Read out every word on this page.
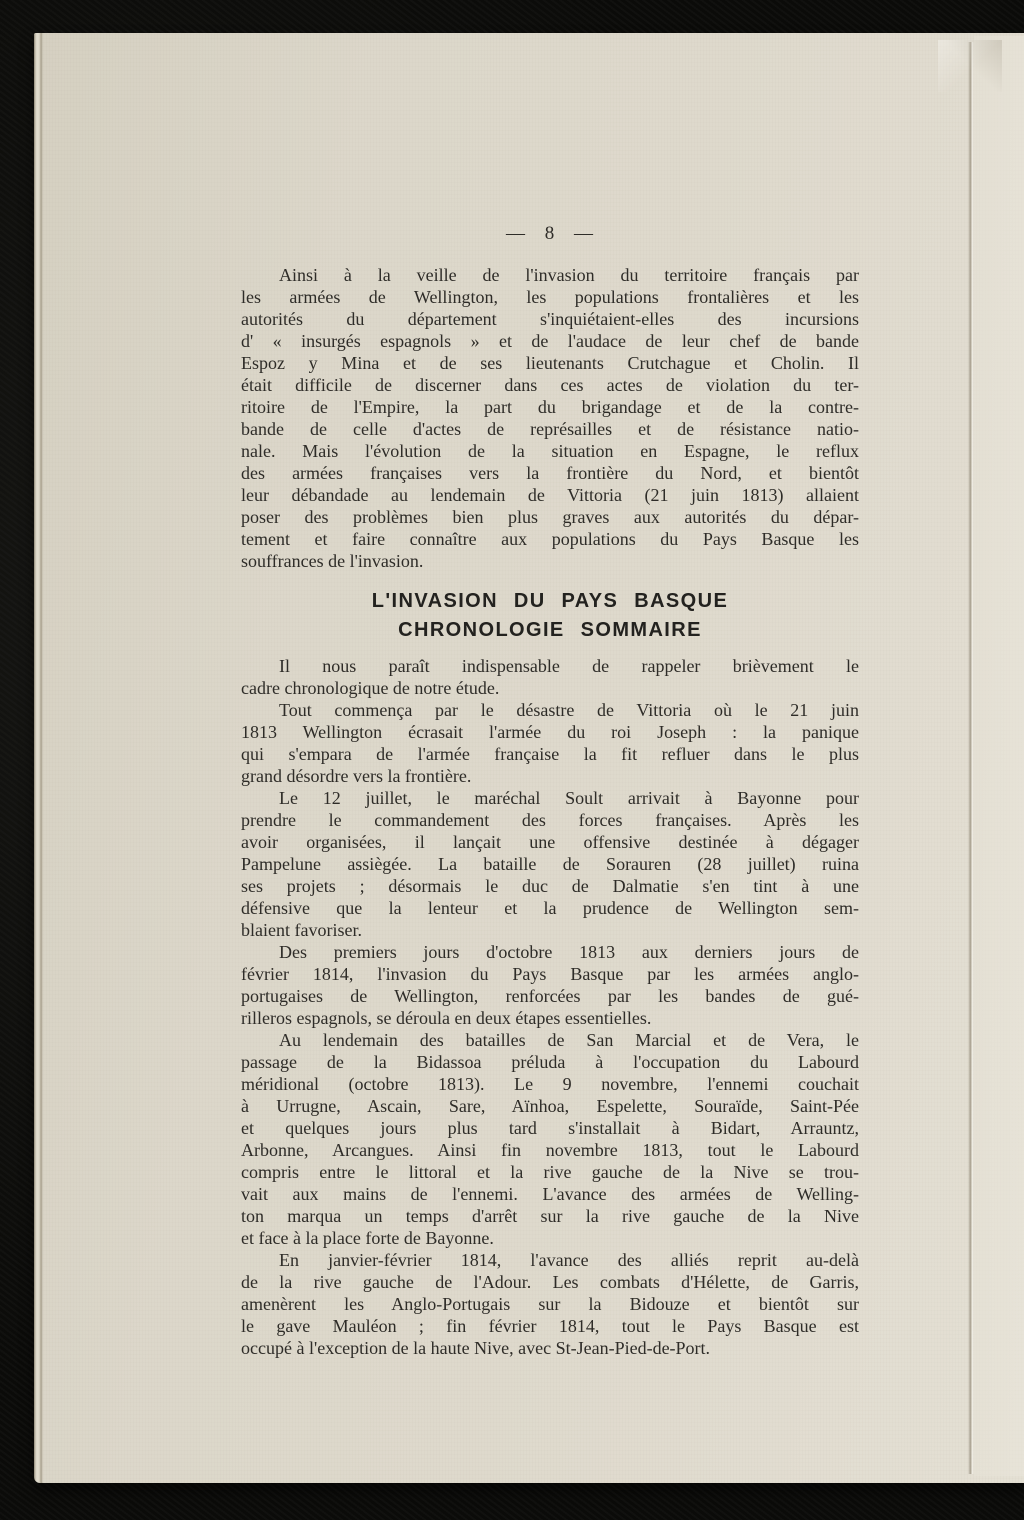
— 8 —
Ainsi à la veille de l'invasion du territoire français par
les armées de Wellington, les populations frontalières et les
autorités du département s'inquiétaient-elles des incursions
d' « insurgés espagnols » et de l'audace de leur chef de bande
Espoz y Mina et de ses lieutenants Crutchague et Cholin. Il
était difficile de discerner dans ces actes de violation du ter-
ritoire de l'Empire, la part du brigandage et de la contre-
bande de celle d'actes de représailles et de résistance natio-
nale. Mais l'évolution de la situation en Espagne, le reflux
des armées françaises vers la frontière du Nord, et bientôt
leur débandade au lendemain de Vittoria (21 juin 1813) allaient
poser des problèmes bien plus graves aux autorités du dépar-
tement et faire connaître aux populations du Pays Basque les
souffrances de l'invasion.
L'INVASION DU PAYS BASQUE
CHRONOLOGIE SOMMAIRE
Il nous paraît indispensable de rappeler brièvement le
cadre chronologique de notre étude.
Tout commença par le désastre de Vittoria où le 21 juin
1813 Wellington écrasait l'armée du roi Joseph : la panique
qui s'empara de l'armée française la fit refluer dans le plus
grand désordre vers la frontière.
Le 12 juillet, le maréchal Soult arrivait à Bayonne pour
prendre le commandement des forces françaises. Après les
avoir organisées, il lançait une offensive destinée à dégager
Pampelune assiègée. La bataille de Sorauren (28 juillet) ruina
ses projets ; désormais le duc de Dalmatie s'en tint à une
défensive que la lenteur et la prudence de Wellington sem-
blaient favoriser.
Des premiers jours d'octobre 1813 aux derniers jours de
février 1814, l'invasion du Pays Basque par les armées anglo-
portugaises de Wellington, renforcées par les bandes de gué-
rilleros espagnols, se déroula en deux étapes essentielles.
Au lendemain des batailles de San Marcial et de Vera, le
passage de la Bidassoa préluda à l'occupation du Labourd
méridional (octobre 1813). Le 9 novembre, l'ennemi couchait
à Urrugne, Ascain, Sare, Aïnhoa, Espelette, Souraïde, Saint-Pée
et quelques jours plus tard s'installait à Bidart, Arrauntz,
Arbonne, Arcangues. Ainsi fin novembre 1813, tout le Labourd
compris entre le littoral et la rive gauche de la Nive se trou-
vait aux mains de l'ennemi. L'avance des armées de Welling-
ton marqua un temps d'arrêt sur la rive gauche de la Nive
et face à la place forte de Bayonne.
En janvier-février 1814, l'avance des alliés reprit au-delà
de la rive gauche de l'Adour. Les combats d'Hélette, de Garris,
amenèrent les Anglo-Portugais sur la Bidouze et bientôt sur
le gave Mauléon ; fin février 1814, tout le Pays Basque est
occupé à l'exception de la haute Nive, avec St-Jean-Pied-de-Port.
